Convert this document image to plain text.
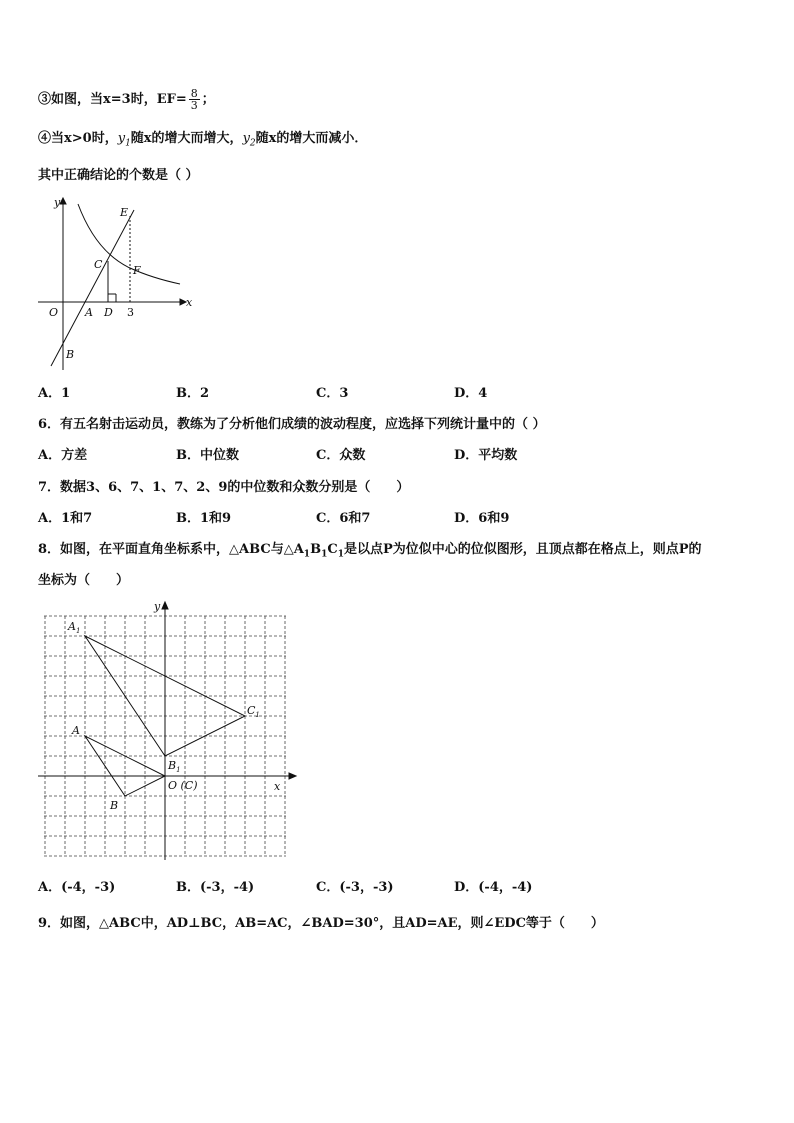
③如图，当x=3时，$EF= \frac{8}{3}$ ；
④当x>0时，$y_1$随x的增大而增大，$y_2$随x的增大而减小．
其中正确结论的个数是（ ）
y
x
E
C	F
O A D 3
B
A．1	B．2	C．3	D．4
6．有五名射击运动员，教练为了分析他们成绩的波动程度，应选择下列统计量中的（ ）
A．方差	B．中位数	C．众数	D．平均数
7．数据3、6、7、1、7、2、9的中位数和众数分别是（　　）
A．1和7	B．1和9	C．6和7	D．6和9
8．如图，在平面直角坐标系中，△ABC与$\triangle A_1B_1C_1$是以点P为位似中心的位似图形，且顶点都在格点上，则点P的
坐标为（　　）
y
x
$A_1$
$C_1$
$B_1$
A
B
O (C)
A．(-4，-3)	B．(-3，-4)	C．(-3，-3)	D．(-4，-4)
9．如图，△ABC中，AD⊥BC，AB=AC，∠BAD=30°，且AD=AE，则∠EDC等于（　　）
